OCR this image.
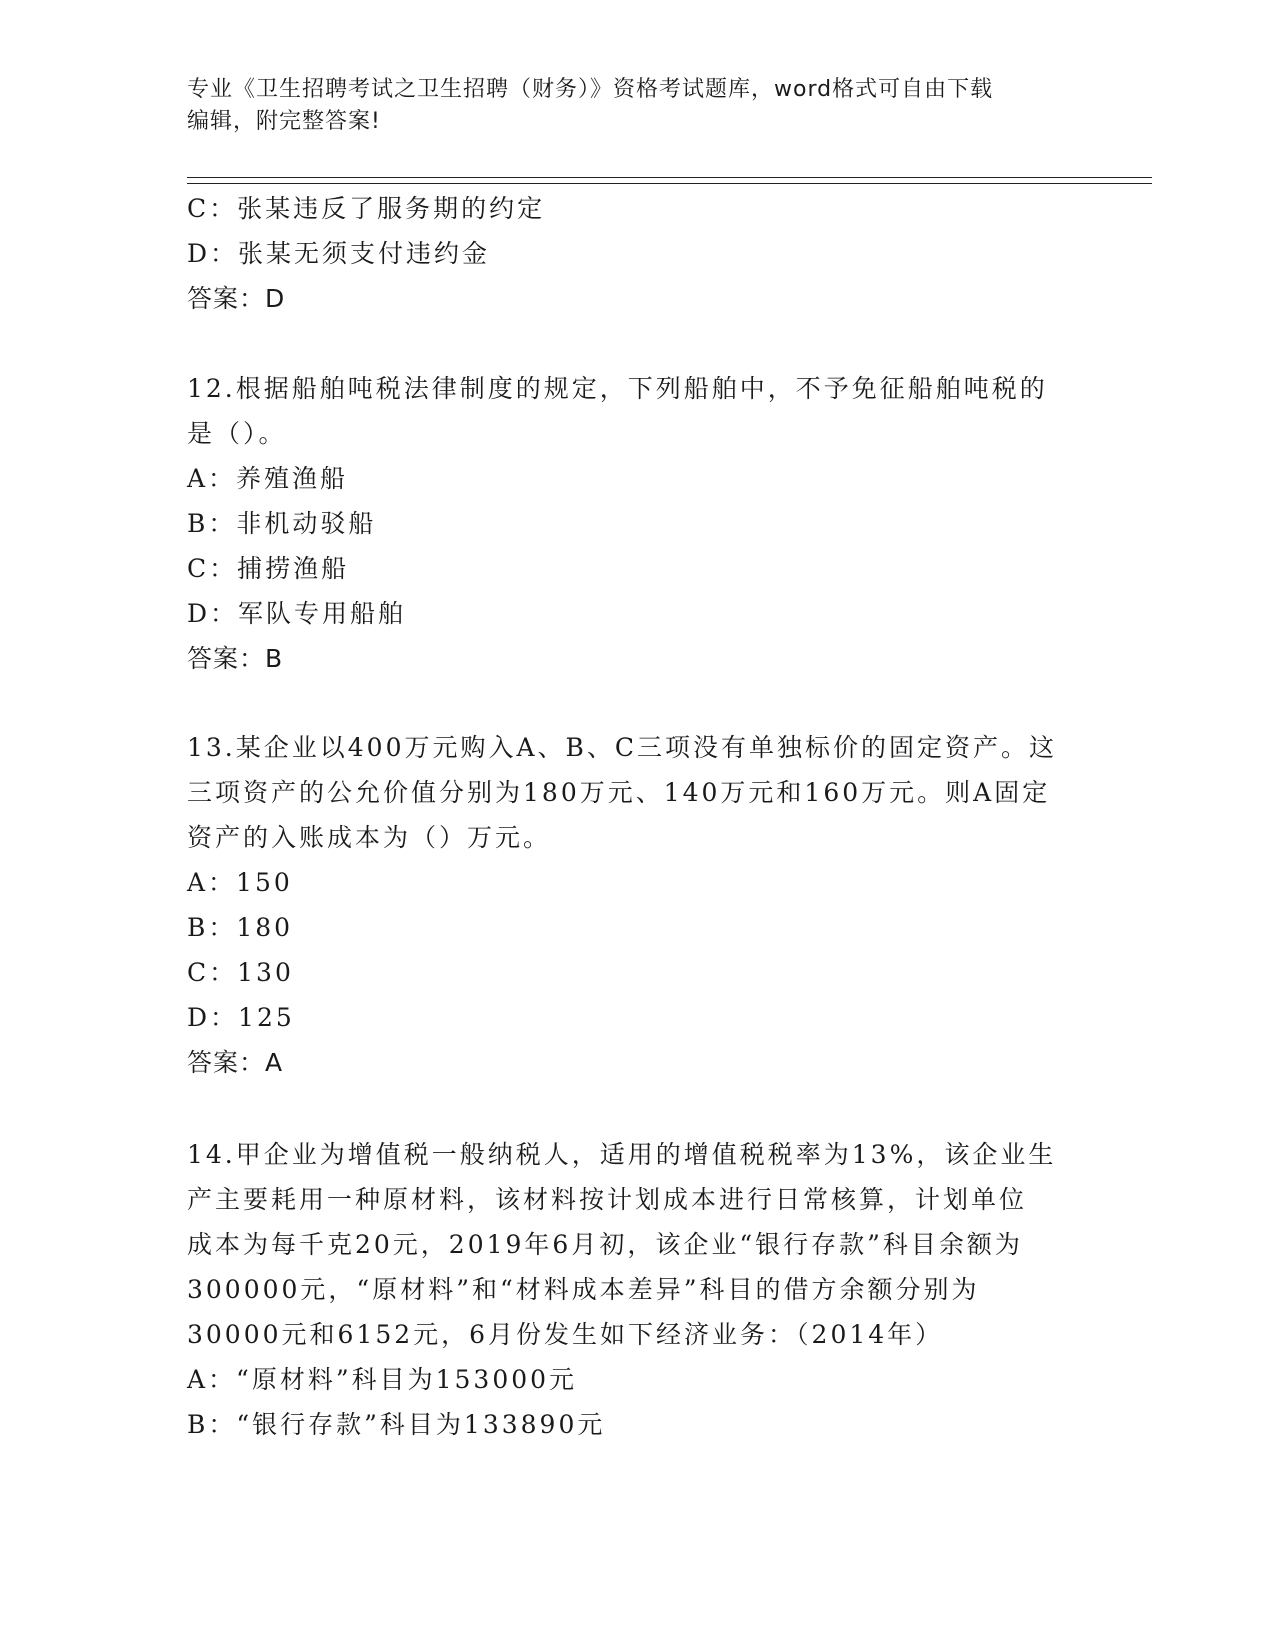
专业《卫生招聘考试之卫生招聘（财务）》资格考试题库，word格式可自由下载
编辑，附完整答案!
C：张某违反了服务期的约定
D：张某无须支付违约金
答案：D
12.根据船舶吨税法律制度的规定，下列船舶中，不予免征船舶吨税的
是（）。
A：养殖渔船
B：非机动驳船
C：捕捞渔船
D：军队专用船舶
答案：B
13.某企业以400万元购入A、B、C三项没有单独标价的固定资产。这
三项资产的公允价值分别为180万元、140万元和160万元。则A固定
资产的入账成本为（）万元。
A：150
B：180
C：130
D：125
答案：A
14.甲企业为增值税一般纳税人，适用的增值税税率为13%，该企业生
产主要耗用一种原材料，该材料按计划成本进行日常核算，计划单位
成本为每千克20元，2019年6月初，该企业“银行存款”科目余额为
300000元，“原材料”和“材料成本差异”科目的借方余额分别为
30000元和6152元，6月份发生如下经济业务：（2014年）
A：“原材料”科目为153000元
B：“银行存款”科目为133890元
